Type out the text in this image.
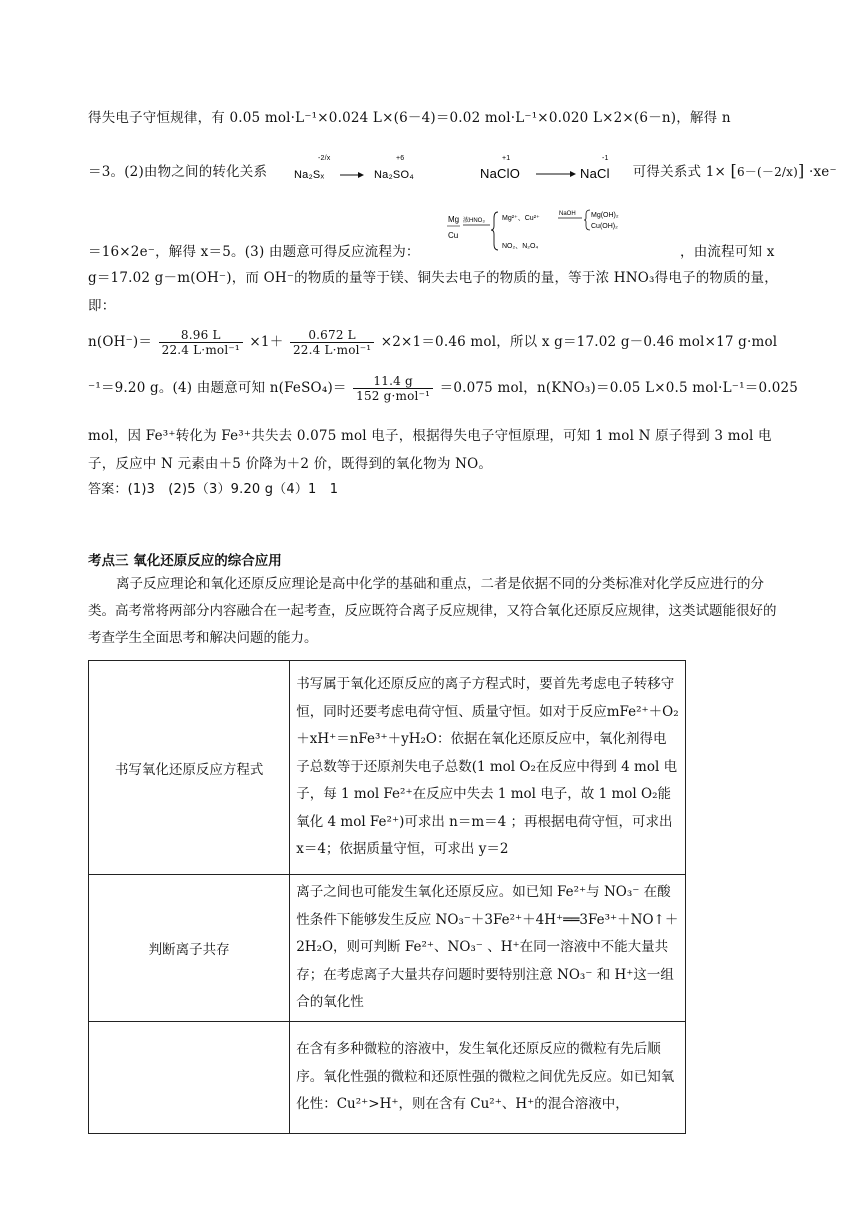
得失电子守恒规律，有 0.05 mol·L⁻¹×0.024 L×(6－4)＝0.02 mol·L⁻¹×0.020 L×2×(6－n)，解得 n
＝3。(2)由物之间的转化关系 Na₂Sₓ
-2/x
Na₂SO₄
+6

NaClO
+1
NaCl
-1
可得关系式 1× [6－(－2/x)] ·xe⁻
＝16×2e⁻，解得 x＝5。(3) 由题意可得反应流程为：
Mg
Cu
浓HNO₃ Mg²⁺、Cu²⁺
NaOH Mg(OH)₂
Cu(OH)₂
NO₂、N₂O₄	，由流程可知 x
g＝17.02 g－m(OH⁻)，而 OH⁻的物质的量等于镁、铜失去电子的物质的量，等于浓 HNO₃得电子的物质的量，
即：
$n(OH^-)= \frac{8.96 L}{\text{22.4 L·mol⁻¹}} \times 1+ \frac{0.672 L}{\text{22.4 L·mol⁻¹}} \times 2\times 1=0.46$ mol，所以 x g＝17.02 g－0.46 mol×17 g·mol
⁻¹＝9.20 g。(4) 由题意可知 n(FeSO₄)＝ $\frac{11.4 g}{\text{152 g·mol⁻¹}} =0.075$ mol，n(KNO₃)＝0.05 L×0.5 mol·L⁻¹＝0.025
mol，因 Fe³⁺转化为 Fe³⁺共失去 0.075 mol 电子，根据得失电子守恒原理，可知 1 mol N 原子得到 3 mol 电
子，反应中 N 元素由＋5 价降为＋2 价，既得到的氧化物为 NO。
答案：(1)3　(2)5（3）9.20 g（4）1　1
考点三 氧化还原反应的综合应用
离子反应理论和氧化还原反应理论是高中化学的基础和重点，二者是依据不同的分类标准对化学反应进行的分类。高考常将两部分内容融合在一起考查，反应既符合离子反应规律，又符合氧化还原反应规律，这类试题能很好的考查学生全面思考和解决问题的能力。
书写氧化还原反应方程式	书写属于氧化还原反应的离子方程式时，要首先考虑电子转移守恒，同时还要考虑电荷守恒、质量守恒。如对于反应mFe²⁺＋O₂＋xH⁺＝nFe³⁺＋yH₂O：依据在氧化还原反应中，氧化剂得电子总数等于还原剂失电子总数(1 mol O₂在反应中得到 4 mol 电子，每 1 mol Fe²⁺在反应中失去 1 mol 电子，故 1 mol O₂能氧化 4 mol Fe²⁺)可求出 n＝m＝4 ；再根据电荷守恒，可求出 x＝4；依据质量守恒，可求出 y＝2
判断离子共存	离子之间也可能发生氧化还原反应。如已知 Fe²⁺与 NO₃⁻ 在酸性条件下能够发生反应 NO₃⁻＋3Fe²⁺＋4H⁺══3Fe³⁺＋NO↑＋2H₂O，则可判断 Fe²⁺、NO₃⁻ 、H⁺在同一溶液中不能大量共存；在考虑离子大量共存问题时要特别注意 NO₃⁻ 和 H⁺这一组合的氧化性
	在含有多种微粒的溶液中，发生氧化还原反应的微粒有先后顺序。氧化性强的微粒和还原性强的微粒之间优先反应。如已知氧化性：Cu²⁺>H⁺，则在含有 Cu²⁺、H⁺的混合溶液中，
